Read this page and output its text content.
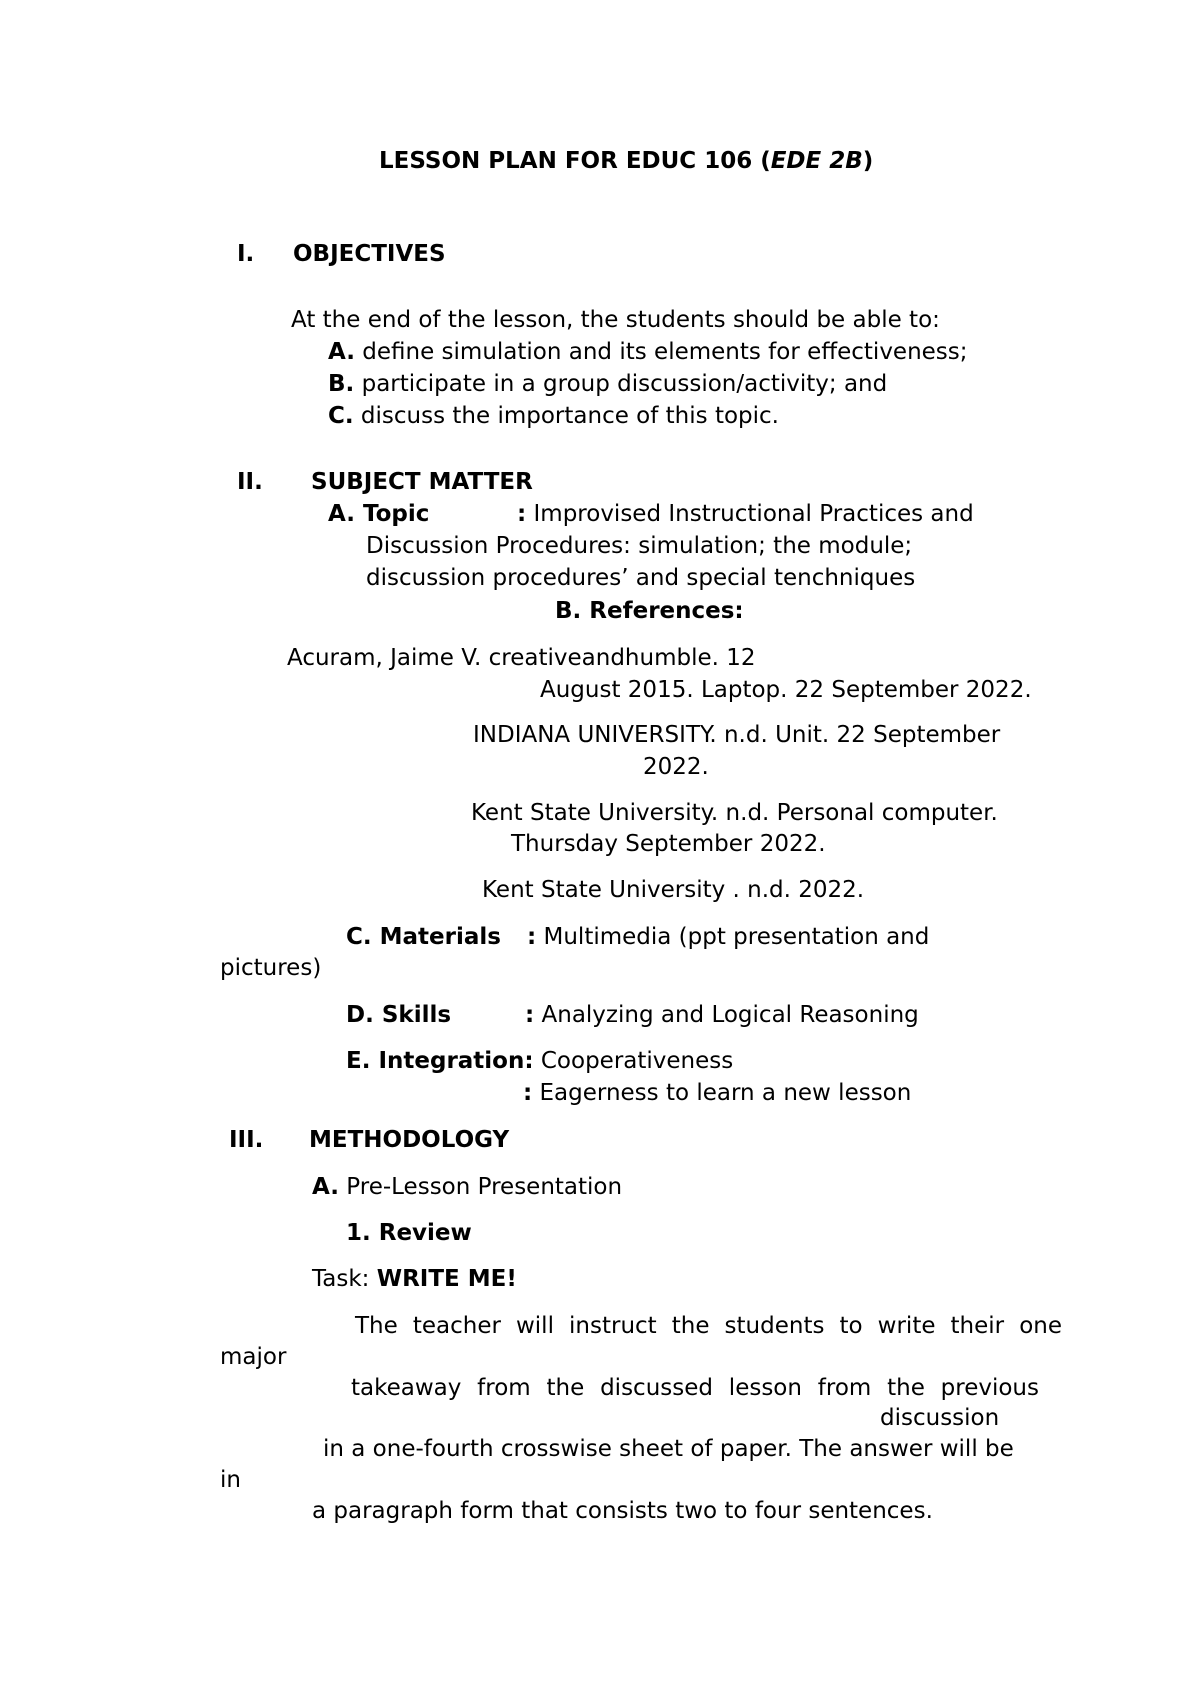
LESSON PLAN FOR EDUC 106 (EDE 2B)
I. OBJECTIVES
At the end of the lesson, the students should be able to:
A. define simulation and its elements for effectiveness;
B. participate in a group discussion/activity; and
C. discuss the importance of this topic.
II. SUBJECT MATTER
A. Topic	: Improvised Instructional Practices and
Discussion Procedures: simulation; the module;
discussion procedures’ and special tenchniques
B. References:
Acuram, Jaime V. creativeandhumble. 12
August 2015. Laptop. 22 September 2022.
INDIANA UNIVERSITY. n.d. Unit. 22 September
2022.
Kent State University. n.d. Personal computer.
Thursday September 2022.
Kent State University . n.d. 2022.
C. Materials : Multimedia (ppt presentation and
pictures)
D. Skills	: Analyzing and Logical Reasoning
E. Integration: Cooperativeness
: Eagerness to learn a new lesson
III. METHODOLOGY
A. Pre-Lesson Presentation
1. Review
Task: WRITE ME!
The teacher will instruct the students to write their one
major
takeaway from the discussed lesson from the previous
discussion
in a one-fourth crosswise sheet of paper. The answer will be
in
a paragraph form that consists two to four sentences.
